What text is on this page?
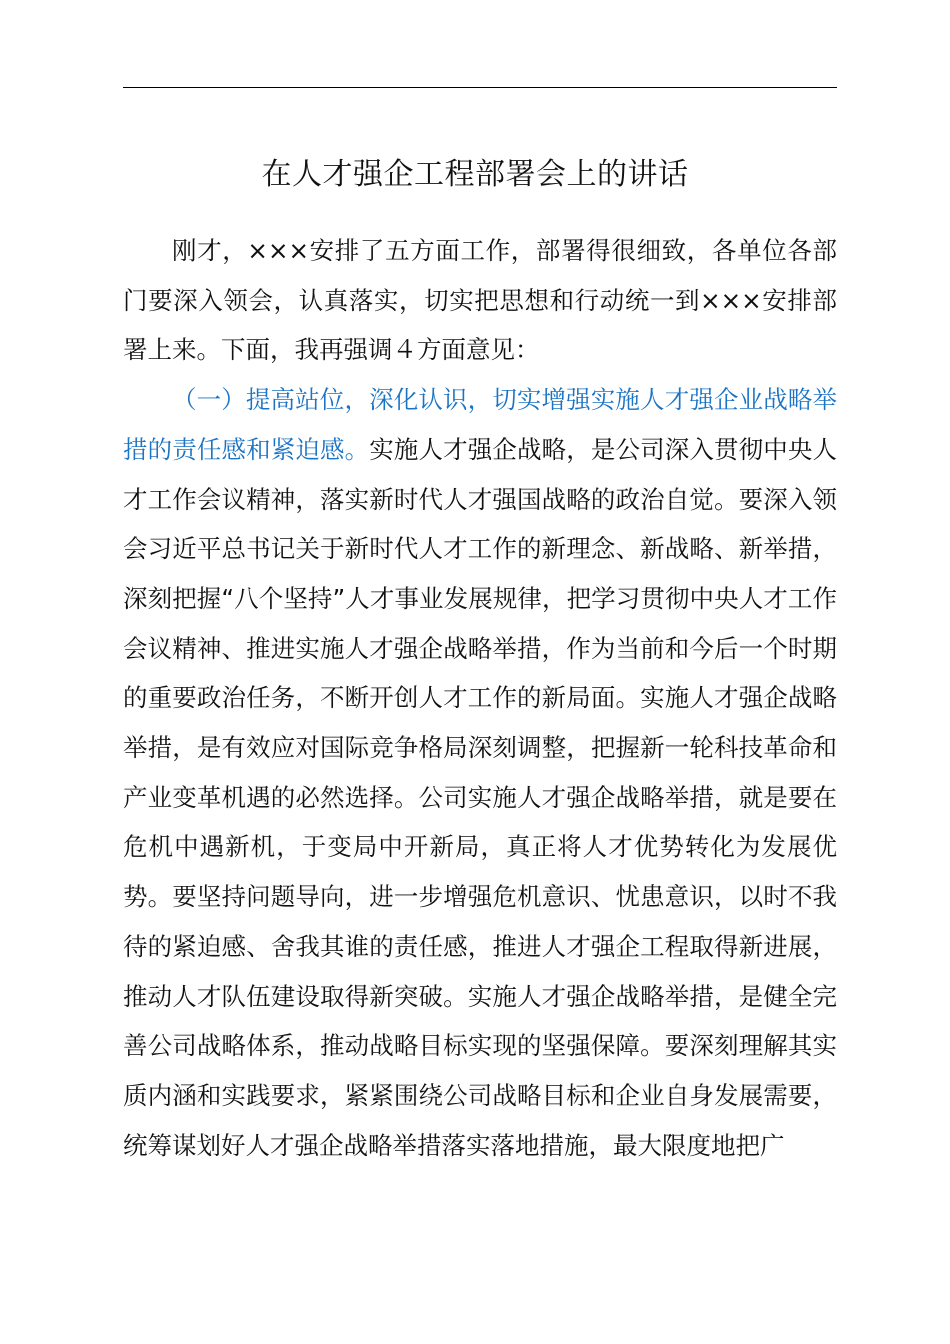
在人才强企工程部署会上的讲话

刚才，×××安排了五方面工作，部署得很细致，各单位各部门要深入领会，认真落实，切实把思想和行动统一到×××安排部署上来。下面，我再强调４方面意见：

（一）提高站位，深化认识，切实增强实施人才强企业战略举措的责任感和紧迫感。实施人才强企战略，是公司深入贯彻中央人才工作会议精神，落实新时代人才强国战略的政治自觉。要深入领会习近平总书记关于新时代人才工作的新理念、新战略、新举措，深刻把握“八个坚持”人才事业发展规律，把学习贯彻中央人才工作会议精神、推进实施人才强企战略举措，作为当前和今后一个时期的重要政治任务，不断开创人才工作的新局面。实施人才强企战略举措，是有效应对国际竞争格局深刻调整，把握新一轮科技革命和产业变革机遇的必然选择。公司实施人才强企战略举措，就是要在危机中遇新机，于变局中开新局，真正将人才优势转化为发展优势。要坚持问题导向，进一步增强危机意识、忧患意识，以时不我待的紧迫感、舍我其谁的责任感，推进人才强企工程取得新进展，推动人才队伍建设取得新突破。实施人才强企战略举措，是健全完善公司战略体系，推动战略目标实现的坚强保障。要深刻理解其实质内涵和实践要求，紧紧围绕公司战略目标和企业自身发展需要，统筹谋划好人才强企战略举措落实落地措施，最大限度地把广
